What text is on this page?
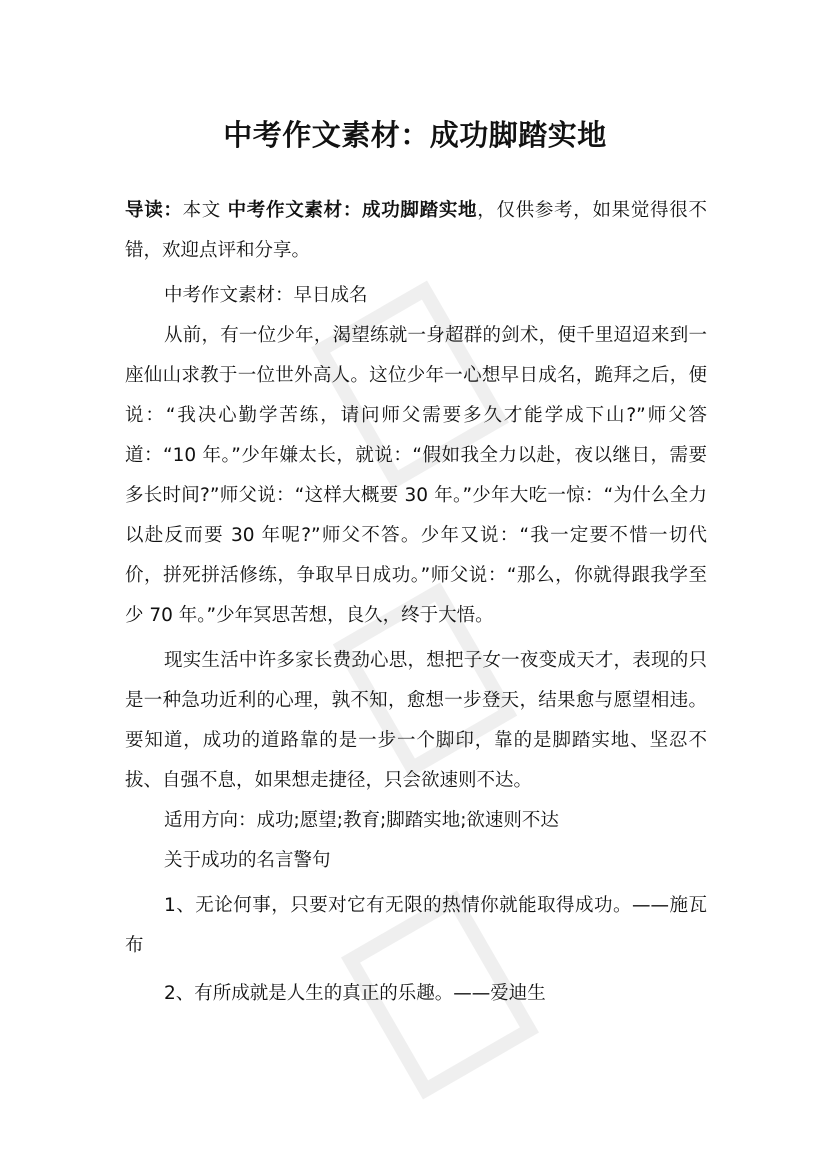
中考作文素材：成功脚踏实地

导读：本文 中考作文素材：成功脚踏实地，仅供参考，如果觉得很不错，欢迎点评和分享。

中考作文素材：早日成名

从前，有一位少年，渴望练就一身超群的剑术，便千里迢迢来到一座仙山求教于一位世外高人。这位少年一心想早日成名，跪拜之后，便说：“我决心勤学苦练，请问师父需要多久才能学成下山?”师父答道：“10 年。”少年嫌太长，就说：“假如我全力以赴，夜以继日，需要多长时间?”师父说：“这样大概要 30 年。”少年大吃一惊：“为什么全力以赴反而要 30 年呢?”师父不答。少年又说：“我一定要不惜一切代价，拼死拼活修练，争取早日成功。”师父说：“那么，你就得跟我学至少 70 年。”少年冥思苦想，良久，终于大悟。

现实生活中许多家长费劲心思，想把子女一夜变成天才，表现的只是一种急功近利的心理，孰不知，愈想一步登天，结果愈与愿望相违。要知道，成功的道路靠的是一步一个脚印，靠的是脚踏实地、坚忍不拔、自强不息，如果想走捷径，只会欲速则不达。

适用方向：成功;愿望;教育;脚踏实地;欲速则不达

关于成功的名言警句

1、无论何事，只要对它有无限的热情你就能取得成功。——施瓦布

2、有所成就是人生的真正的乐趣。——爱迪生
